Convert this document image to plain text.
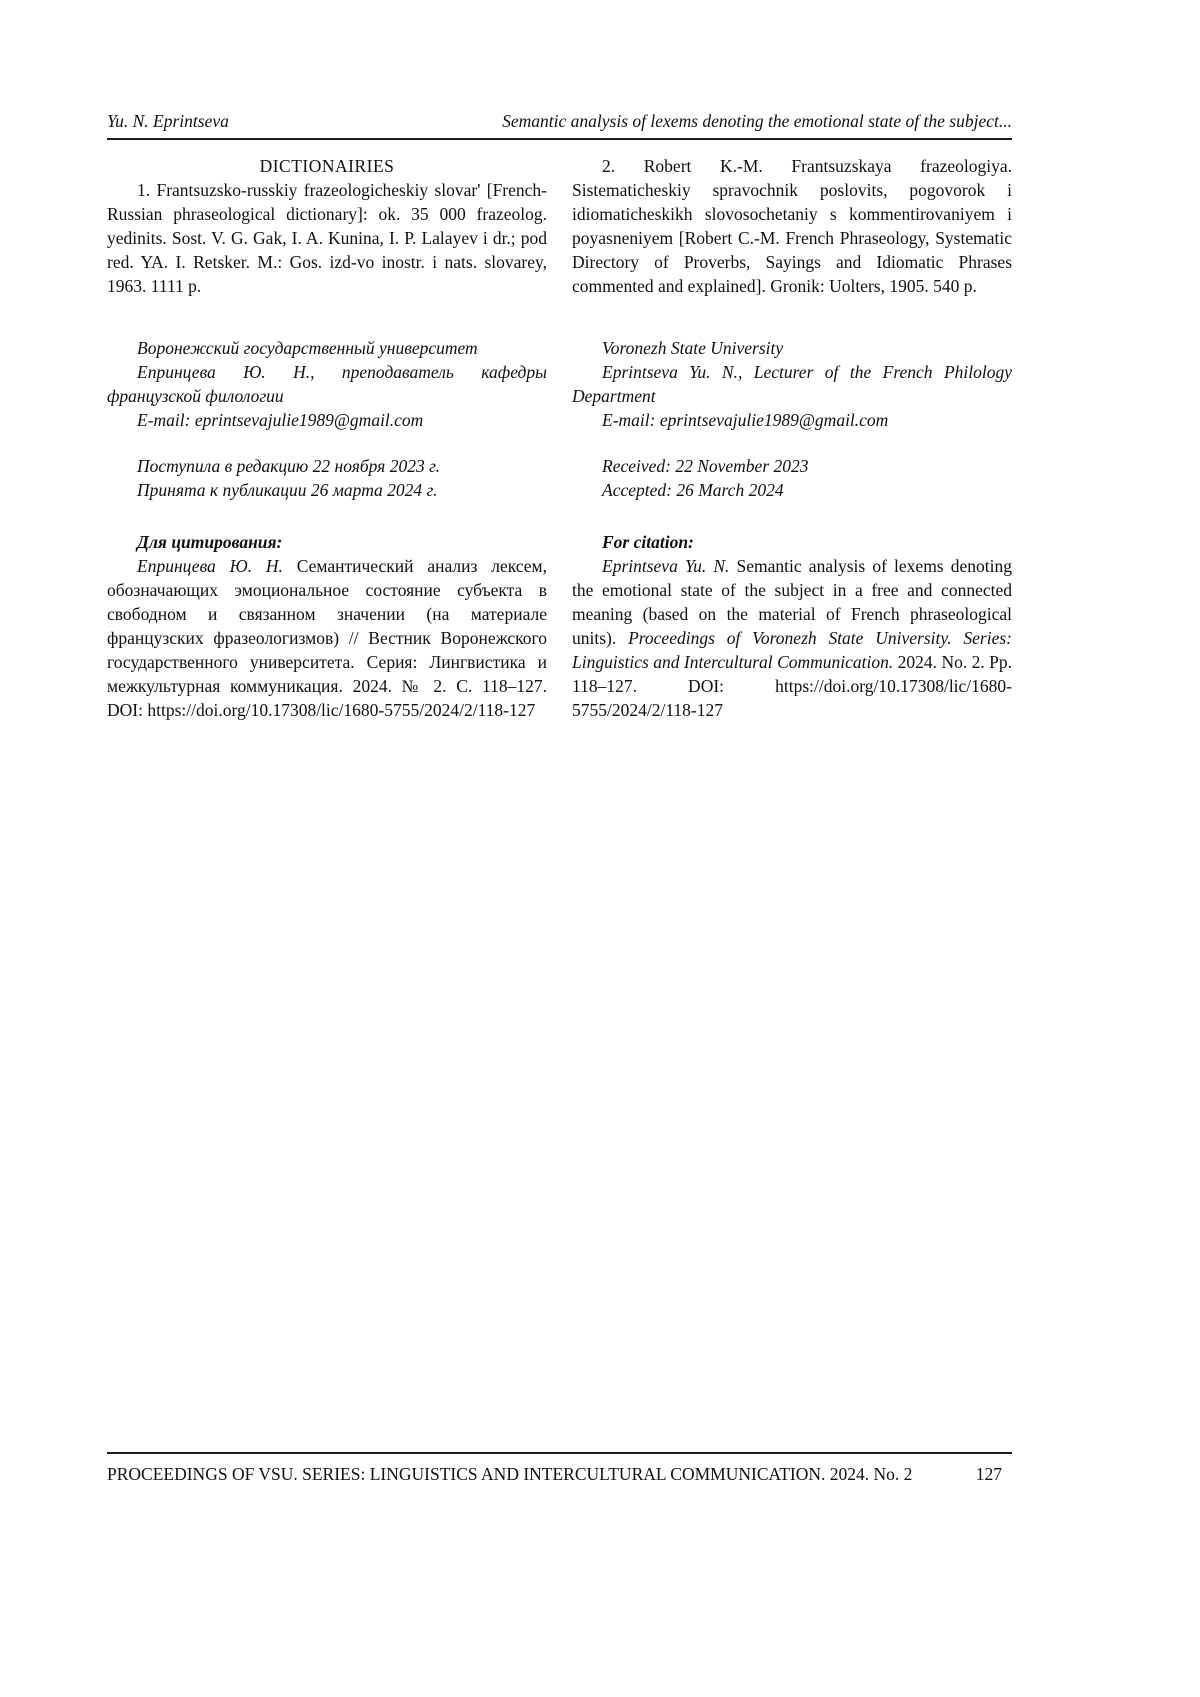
Yu. N. Eprintseva	Semantic analysis of lexems denoting the emotional state of the subject...

DICTIONAIRIES

1. Frantsuzsko-russkiy frazeologicheskiy slovar' [French-Russian phraseological dictionary]: ok. 35 000 frazeolog. yedinits. Sost. V. G. Gak, I. A. Kunina, I. P. Lalayev i dr.; pod red. YA. I. Retsker. M.: Gos. izd-vo inostr. i nats. slovarey, 1963. 1111 p.

Воронежский государственный университет

Епринцева Ю. Н., преподаватель кафедры французской филологии

E-mail: eprintsevajulie1989@gmail.com

Поступила в редакцию 22 ноября 2023 г.

Принята к публикации 26 марта 2024 г.

Для цитирования:

Епринцева Ю. Н. Семантический анализ лексем, обозначающих эмоциональное состояние субъекта в свободном и связанном значении (на материале французских фразеологизмов) // Вестник Воронежского государственного университета. Серия: Лингвистика и межкультурная коммуникация. 2024. № 2. С. 118–127. DOI: https://doi.org/10.17308/lic/1680-5755/2024/2/118-127

2. Robert K.-M. Frantsuzskaya frazeologiya. Sistematicheskiy spravochnik poslovits, pogovorok i idiomaticheskikh slovosochetaniy s kommentirovaniyem i poyasneniyem [Robert C.-M. French Phraseology, Systematic Directory of Proverbs, Sayings and Idiomatic Phrases commented and explained]. Gronik: Uolters, 1905. 540 p.

Voronezh State University

Eprintseva Yu. N., Lecturer of the French Philology Department

E-mail: eprintsevajulie1989@gmail.com

Received: 22 November 2023

Accepted: 26 March 2024

For citation:

Eprintseva Yu. N. Semantic analysis of lexems denoting the emotional state of the subject in a free and connected meaning (based on the material of French phraseological units). Proceedings of Voronezh State University. Series: Linguistics and Intercultural Communication. 2024. No. 2. Pp. 118–127. DOI: https://doi.org/10.17308/lic/1680-5755/2024/2/118-127

PROCEEDINGS OF VSU. SERIES: LINGUISTICS AND INTERCULTURAL COMMUNICATION. 2024. No. 2	127
